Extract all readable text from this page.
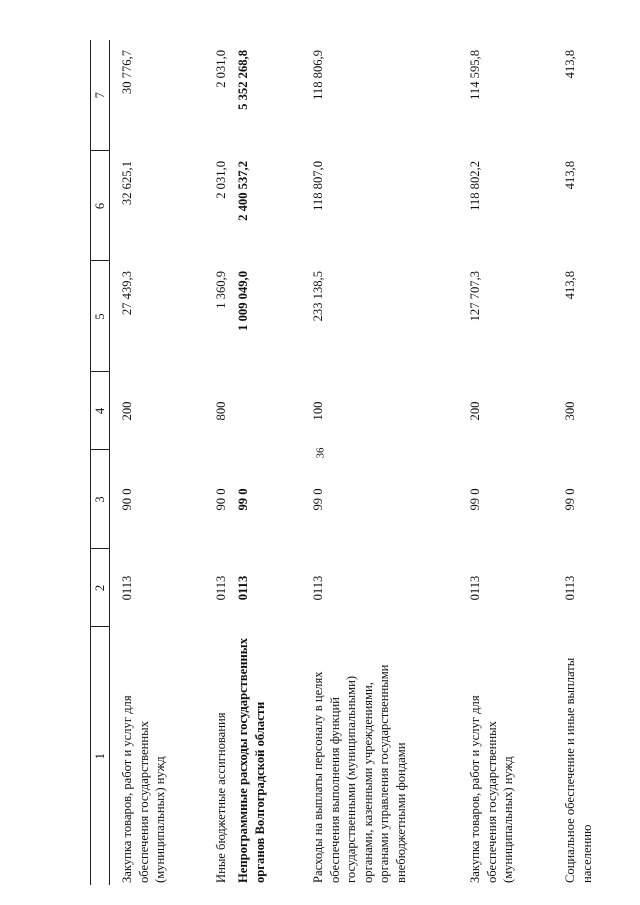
36
1	2	3	4	5	6	7
Закупка товаров, работ и услуг для обеспечения государственных (муниципальных) нужд	0113	90 0	200	27 439,3	32 625,1	30 776,7
Иные бюджетные ассигнования	0113	90 0	800	1 360,9	2 031,0	2 031,0
Непрограммные расходы государственных органов Волгоградской области	0113	99 0		1 009 049,0	2 400 537,2	5 352 268,8
Расходы на выплаты персоналу в целях обеспечения выполнения функций государственными (муниципальными) органами, казенными учреждениями, органами управления государственными внебюджетными фондами	0113	99 0	100	233 138,5	118 807,0	118 806,9
Закупка товаров, работ и услуг для обеспечения государственных (муниципальных) нужд	0113	99 0	200	127 707,3	118 802,2	114 595,8
Социальное обеспечение и иные выплаты населению	0113	99 0	300	413,8	413,8	413,8
